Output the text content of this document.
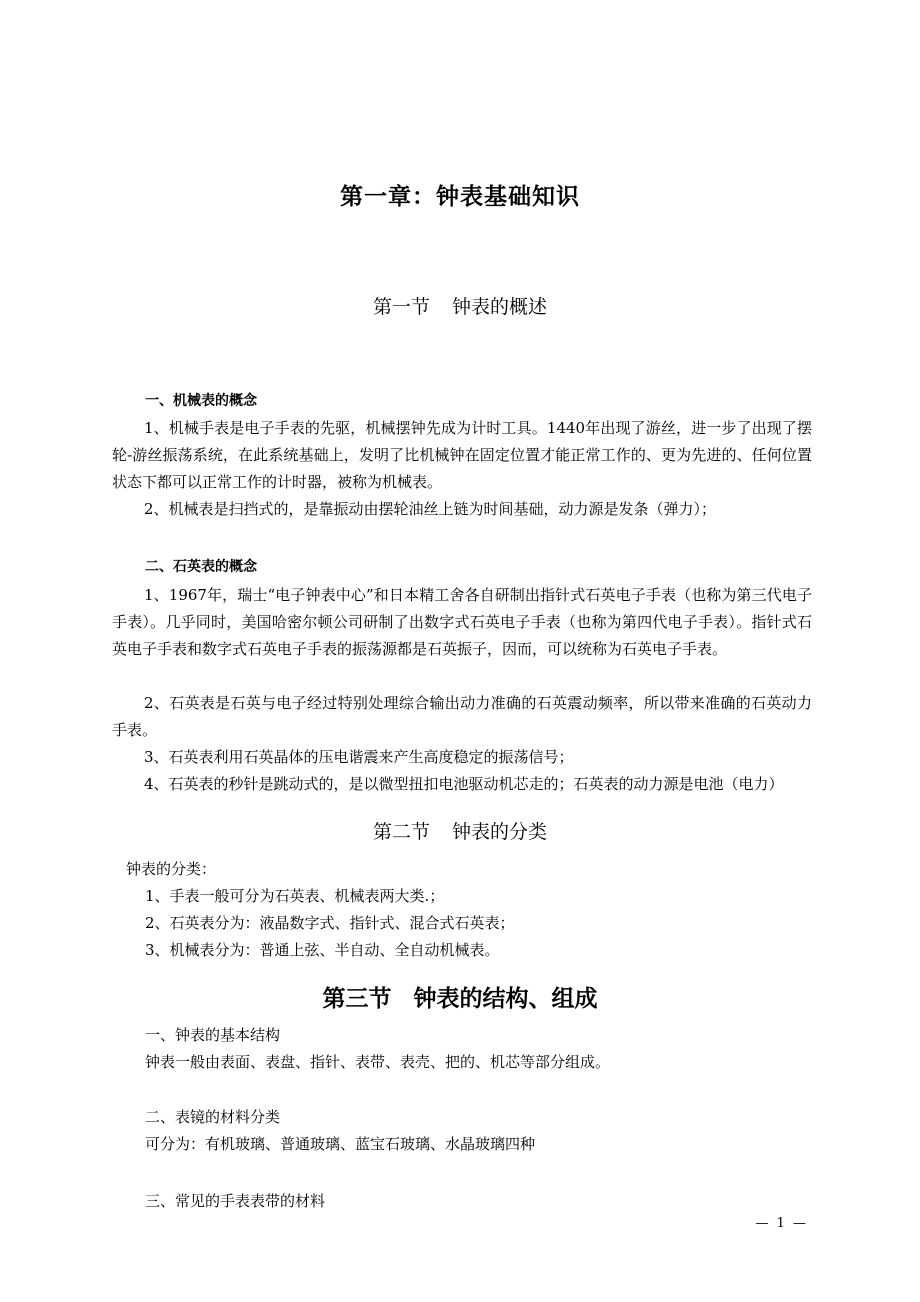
第一章：钟表基础知识
第一节 钟表的概述
一、机械表的概念
1、机械手表是电子手表的先驱，机械摆钟先成为计时工具。1440年出现了游丝，进一步了出现了摆轮-游丝振荡系统，在此系统基础上，发明了比机械钟在固定位置才能正常工作的、更为先进的、任何位置状态下都可以正常工作的计时器，被称为机械表。
2、机械表是扫挡式的，是靠振动由摆轮油丝上链为时间基础，动力源是发条（弹力）；
二、石英表的概念
1、1967年，瑞士“电子钟表中心”和日本精工舍各自研制出指针式石英电子手表（也称为第三代电子手表）。几乎同时，美国哈密尔顿公司研制了出数字式石英电子手表（也称为第四代电子手表）。指针式石英电子手表和数字式石英电子手表的振荡源都是石英振子，因而，可以统称为石英电子手表。
2、石英表是石英与电子经过特别处理综合输出动力准确的石英震动频率，所以带来准确的石英动力手表。
3、石英表利用石英晶体的压电谐震来产生高度稳定的振荡信号；
4、石英表的秒针是跳动式的，是以微型扭扣电池驱动机芯走的；石英表的动力源是电池（电力）
第二节 钟表的分类
钟表的分类：
1、手表一般可分为石英表、机械表两大类.；
2、石英表分为：液晶数字式、指针式、混合式石英表；
3、机械表分为：普通上弦、半自动、全自动机械表。
第三节 钟表的结构、组成
一、钟表的基本结构
钟表一般由表面、表盘、指针、表带、表壳、把的、机芯等部分组成。
二、表镜的材料分类
可分为：有机玻璃、普通玻璃、蓝宝石玻璃、水晶玻璃四种
三、常见的手表表带的材料
— 1 —
